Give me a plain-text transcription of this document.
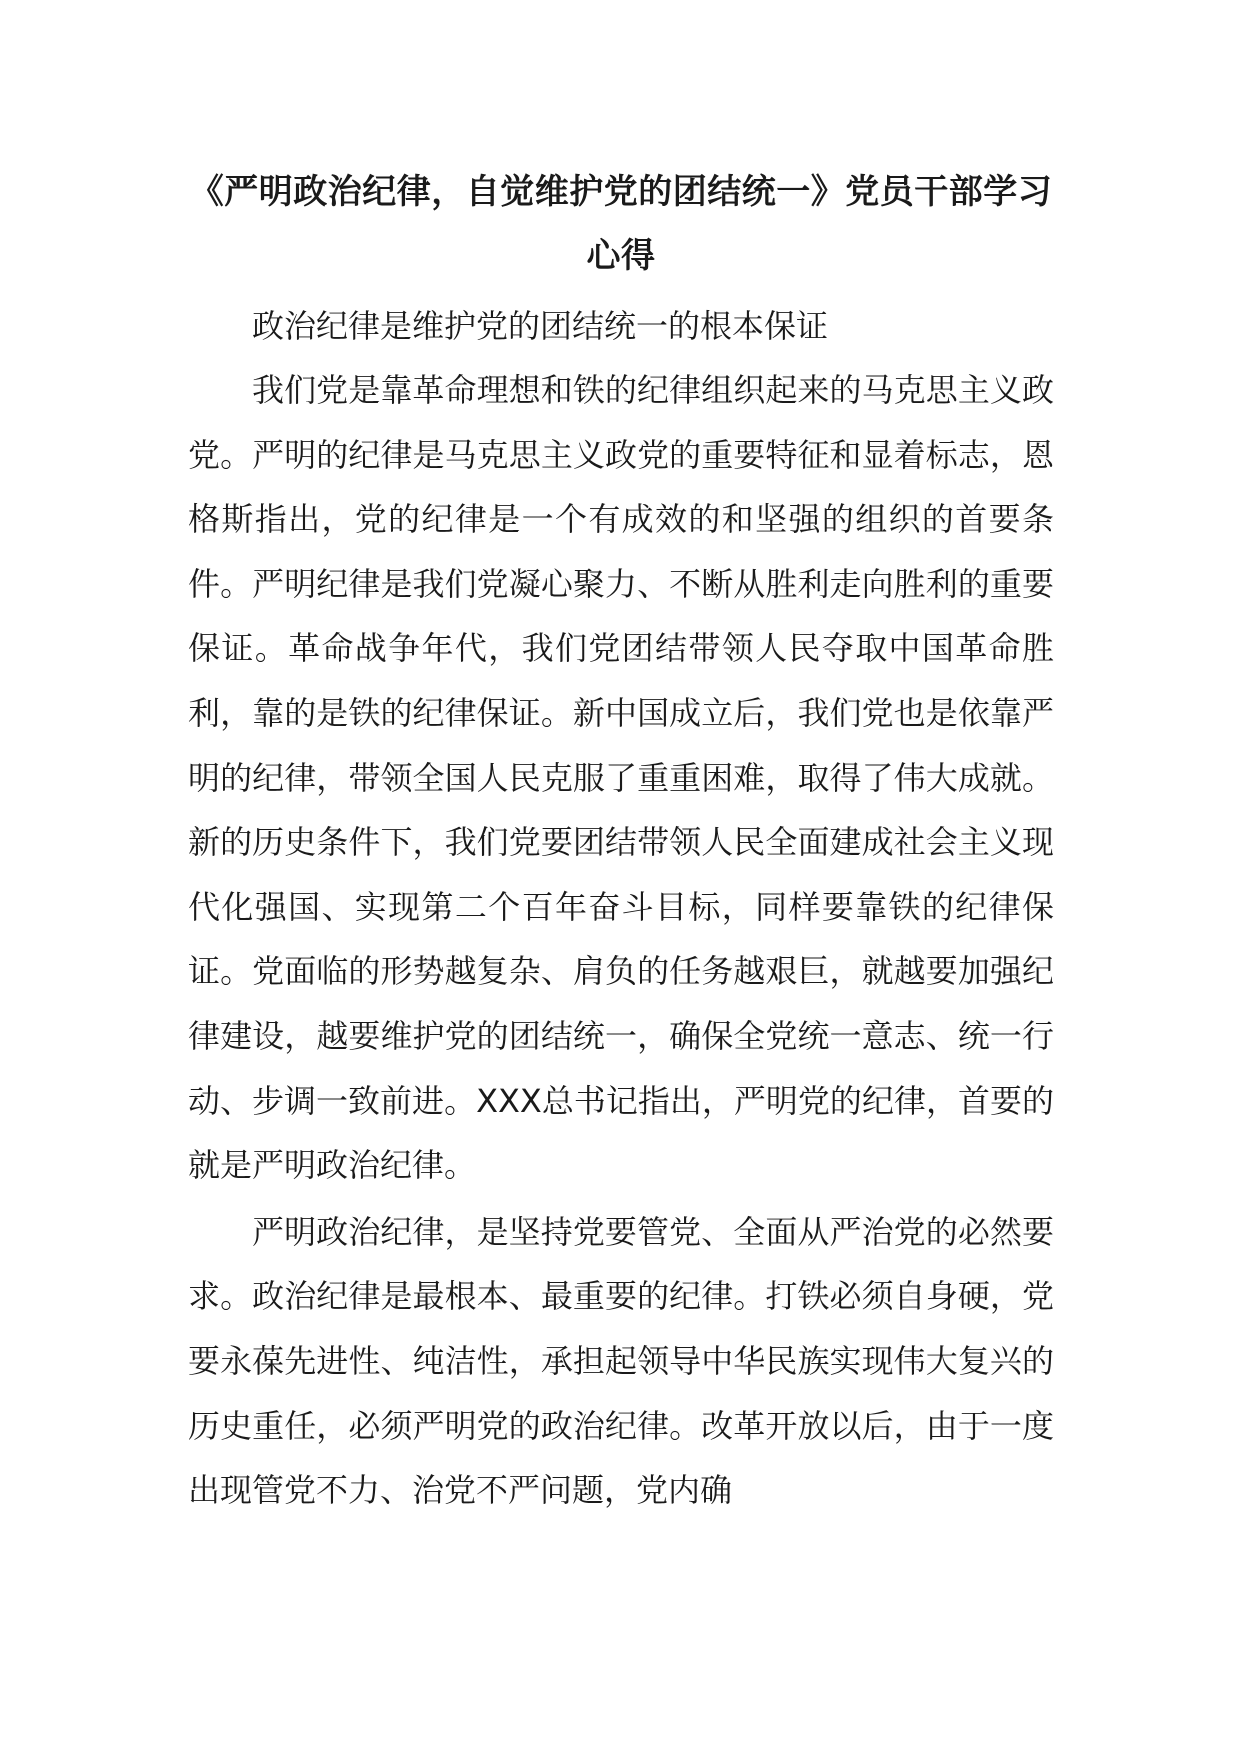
《严明政治纪律，自觉维护党的团结统一》党员干部学习心得

政治纪律是维护党的团结统一的根本保证

我们党是靠革命理想和铁的纪律组织起来的马克思主义政党。严明的纪律是马克思主义政党的重要特征和显着标志，恩格斯指出，党的纪律是一个有成效的和坚强的组织的首要条件。严明纪律是我们党凝心聚力、不断从胜利走向胜利的重要保证。革命战争年代，我们党团结带领人民夺取中国革命胜利，靠的是铁的纪律保证。新中国成立后，我们党也是依靠严明的纪律，带领全国人民克服了重重困难，取得了伟大成就。新的历史条件下，我们党要团结带领人民全面建成社会主义现代化强国、实现第二个百年奋斗目标，同样要靠铁的纪律保证。党面临的形势越复杂、肩负的任务越艰巨，就越要加强纪律建设，越要维护党的团结统一，确保全党统一意志、统一行动、步调一致前进。XXX总书记指出，严明党的纪律，首要的就是严明政治纪律。

严明政治纪律，是坚持党要管党、全面从严治党的必然要求。政治纪律是最根本、最重要的纪律。打铁必须自身硬，党要永葆先进性、纯洁性，承担起领导中华民族实现伟大复兴的历史重任，必须严明党的政治纪律。改革开放以后，由于一度出现管党不力、治党不严问题，党内确
